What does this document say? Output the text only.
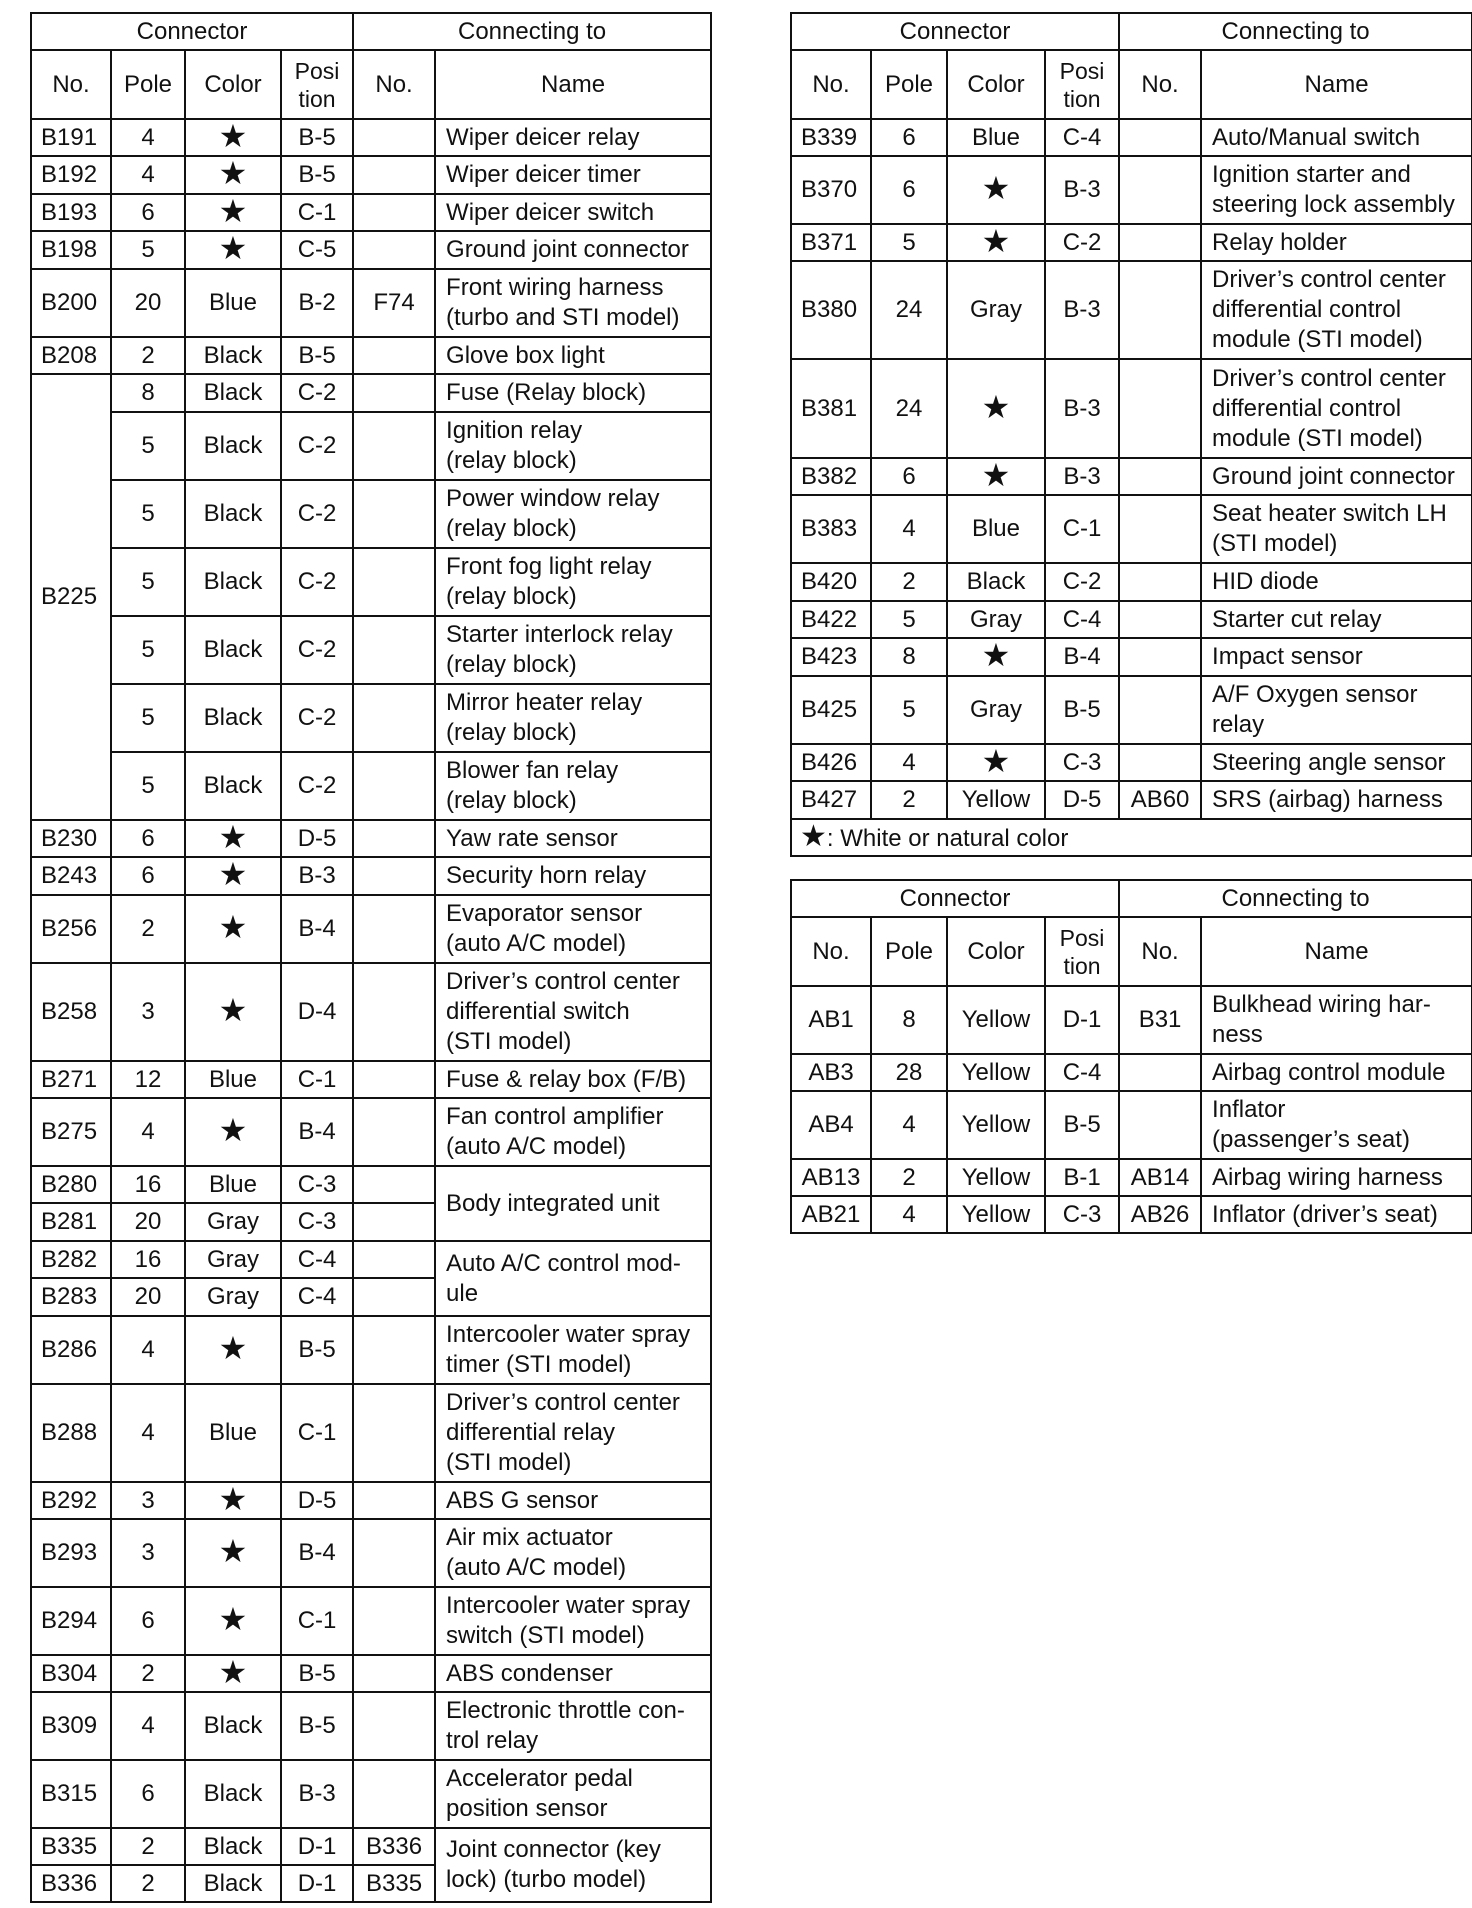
Connector				Connecting to	
No.	Pole	Color	Posi
tion	No.	Name
B191	4	★	B-5		Wiper deicer relay
B192	4	★	B-5		Wiper deicer timer
B193	6	★	C-1		Wiper deicer switch
B198	5	★	C-5		Ground joint connector
B200	20	Blue	B-2	F74	Front wiring harness
(turbo and STI model)

B208	2	Black	B-5		Glove box light
B225	8	Black	C-2		Fuse (Relay block)
	5	Black	C-2		Ignition relay
(relay block)

	5	Black	C-2		Power window relay
(relay block)

	5	Black	C-2		Front fog light relay
(relay block)

	5	Black	C-2		Starter interlock relay
(relay block)

	5	Black	C-2		Mirror heater relay
(relay block)

	5	Black	C-2		Blower fan relay
(relay block)

B230	6	★	D-5		Yaw rate sensor
B243	6	★	B-3		Security horn relay
B256	2	★	B-4		Evaporator sensor
(auto A/C model)

B258	3	★	D-4		Driver’s control center
differential switch
(STI model)

B271	12	Blue	C-1		Fuse & relay box (F/B)
B275	4	★	B-4		Fan control amplifier
(auto A/C model)

B280	16	Blue	C-3		Body integrated unit
B281	20	Gray	C-3		
B282	16	Gray	C-4		Auto A/C control mod-
ule

B283	20	Gray	C-4		
B286	4	★	B-5		Intercooler water spray
timer (STI model)

B288	4	Blue	C-1		Driver’s control center
differential relay
(STI model)

B292	3	★	D-5		ABS G sensor
B293	3	★	B-4		Air mix actuator
(auto A/C model)

B294	6	★	C-1		Intercooler water spray
switch (STI model)

B304	2	★	B-5		ABS condenser
B309	4	Black	B-5		Electronic throttle con-
trol relay

B315	6	Black	B-3		Accelerator pedal
position sensor

B335	2	Black	D-1	B336	Joint connector (key
lock) (turbo model)

B336	2	Black	D-1	B335	
Connector				Connecting to	
No.	Pole	Color	Posi
tion	No.	Name
B339	6	Blue	C-4		Auto/Manual switch
B370	6	★	B-3		Ignition starter and
steering lock assembly

B371	5	★	C-2		Relay holder
B380	24	Gray	B-3		Driver’s control center
differential control
module (STI model)

B381	24	★	B-3		Driver’s control center
differential control
module (STI model)

B382	6	★	B-3		Ground joint connector
B383	4	Blue	C-1		Seat heater switch LH
(STI model)

B420	2	Black	C-2		HID diode
B422	5	Gray	C-4		Starter cut relay
B423	8	★	B-4		Impact sensor
B425	5	Gray	B-5		A/F Oxygen sensor
relay

B426	4	★	C-3		Steering angle sensor
B427	2	Yellow	D-5	AB60	SRS (airbag) harness
★: White or natural color					
Connector				Connecting to	
No.	Pole	Color	Posi
tion	No.	Name
AB1	8	Yellow	D-1	B31	Bulkhead wiring har-
ness

AB3	28	Yellow	C-4		Airbag control module
AB4	4	Yellow	B-5		Inflator
(passenger’s seat)

AB13	2	Yellow	B-1	AB14	Airbag wiring harness
AB21	4	Yellow	C-3	AB26	Inflator (driver’s seat)
